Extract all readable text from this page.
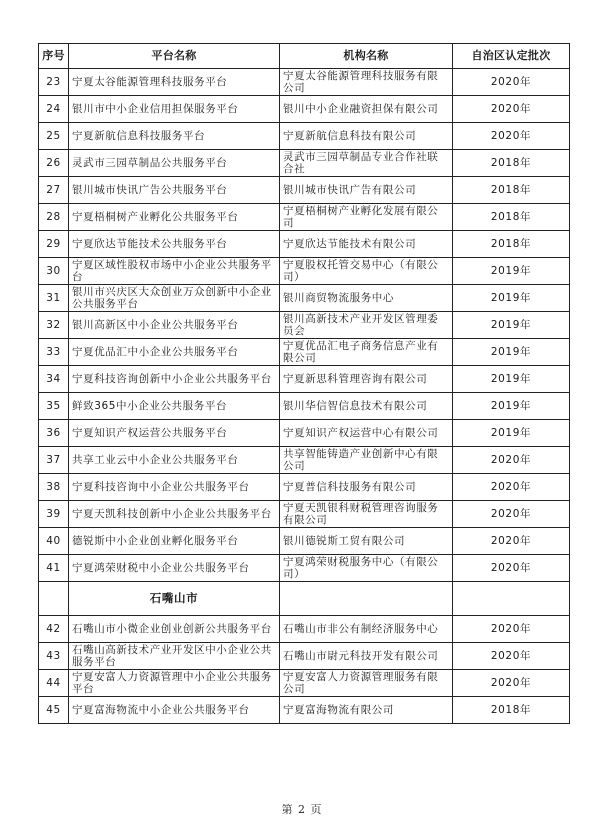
序号	平台名称	机构名称	自治区认定批次
23	宁夏太谷能源管理科技服务平台	宁夏太谷能源管理科技服务有限公司	2020年
24	银川市中小企业信用担保服务平台	银川中小企业融资担保有限公司	2020年
25	宁夏新航信息科技服务平台	宁夏新航信息科技有限公司	2020年
26	灵武市三园草制品公共服务平台	灵武市三园草制品专业合作社联合社	2018年
27	银川城市快讯广告公共服务平台	银川城市快讯广告有限公司	2018年
28	宁夏梧桐树产业孵化公共服务平台	宁夏梧桐树产业孵化发展有限公司	2018年
29	宁夏欣达节能技术公共服务平台	宁夏欣达节能技术有限公司	2018年
30	宁夏区域性股权市场中小企业公共服务平台	宁夏股权托管交易中心（有限公司）	2019年
31	银川市兴庆区大众创业万众创新中小企业公共服务平台	银川商贸物流服务中心	2019年
32	银川高新区中小企业公共服务平台	银川高新技术产业开发区管理委员会	2019年
33	宁夏优品汇中小企业公共服务平台	宁夏优品汇电子商务信息产业有限公司	2019年
34	宁夏科技咨询创新中小企业公共服务平台	宁夏新思科管理咨询有限公司	2019年
35	鲜致365中小企业公共服务平台	银川华信智信息技术有限公司	2019年
36	宁夏知识产权运营公共服务平台	宁夏知识产权运营中心有限公司	2019年
37	共享工业云中小企业公共服务平台	共享智能铸造产业创新中心有限公司	2020年
38	宁夏科技咨询中小企业公共服务平台	宁夏普信科技服务有限公司	2020年
39	宁夏天凯科技创新中小企业公共服务平台	宁夏天凯银科财税管理咨询服务有限公司	2020年
40	德锐斯中小企业创业孵化服务平台	银川德锐斯工贸有限公司	2020年
41	宁夏鸿荣财税中小企业公共服务平台	宁夏鸿荣财税服务中心（有限公司）	2020年
	石嘴山市		
42	石嘴山市小微企业创业创新公共服务平台	石嘴山市非公有制经济服务中心	2020年
43	石嘴山高新技术产业开发区中小企业公共服务平台	石嘴山市尉元科技开发有限公司	2020年
44	宁夏安富人力资源管理中小企业公共服务平台	宁夏安富人力资源管理服务有限公司	2020年
45	宁夏富海物流中小企业公共服务平台	宁夏富海物流有限公司	2018年
第 2 页
